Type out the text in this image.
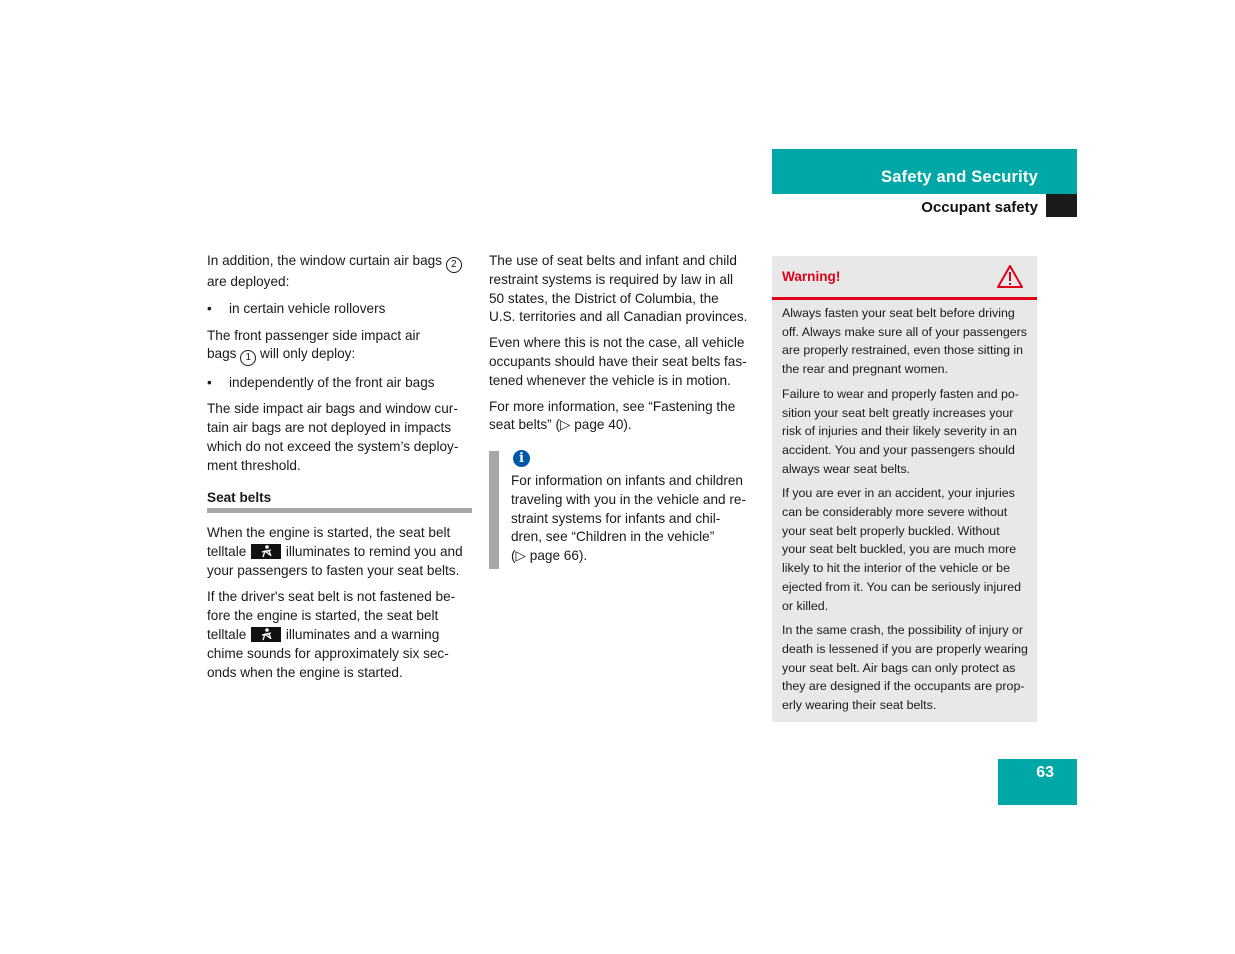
Safety and Security
Occupant safety

In addition, the window curtain air bags 2
are deployed:

• in certain vehicle rollovers

The front passenger side impact air
bags 1 will only deploy:

• independently of the front air bags

The side impact air bags and window cur-
tain air bags are not deployed in impacts
which do not exceed the system’s deploy-
ment threshold.

Seat belts

When the engine is started, the seat belt
telltale	illuminates to remind you and
your passengers to fasten your seat belts.

If the driver's seat belt is not fastened be-
fore the engine is started, the seat belt
telltale	illuminates and a warning
chime sounds for approximately six sec-
onds when the engine is started.

The use of seat belts and infant and child
restraint systems is required by law in all
50 states, the District of Columbia, the
U.S. territories and all Canadian provinces.

Even where this is not the case, all vehicle
occupants should have their seat belts fas-
tened whenever the vehicle is in motion.

For more information, see “Fastening the
seat belts” (▷ page 40).

i

For information on infants and children
traveling with you in the vehicle and re-
straint systems for infants and chil-
dren, see “Children in the vehicle”
(▷ page 66).

Warning!

Always fasten your seat belt before driving
off. Always make sure all of your passengers
are properly restrained, even those sitting in
the rear and pregnant women.

Failure to wear and properly fasten and po-
sition your seat belt greatly increases your
risk of injuries and their likely severity in an
accident. You and your passengers should
always wear seat belts.

If you are ever in an accident, your injuries
can be considerably more severe without
your seat belt properly buckled. Without
your seat belt buckled, you are much more
likely to hit the interior of the vehicle or be
ejected from it. You can be seriously injured
or killed.

In the same crash, the possibility of injury or
death is lessened if you are properly wearing
your seat belt. Air bags can only protect as
they are designed if the occupants are prop-
erly wearing their seat belts.

63
